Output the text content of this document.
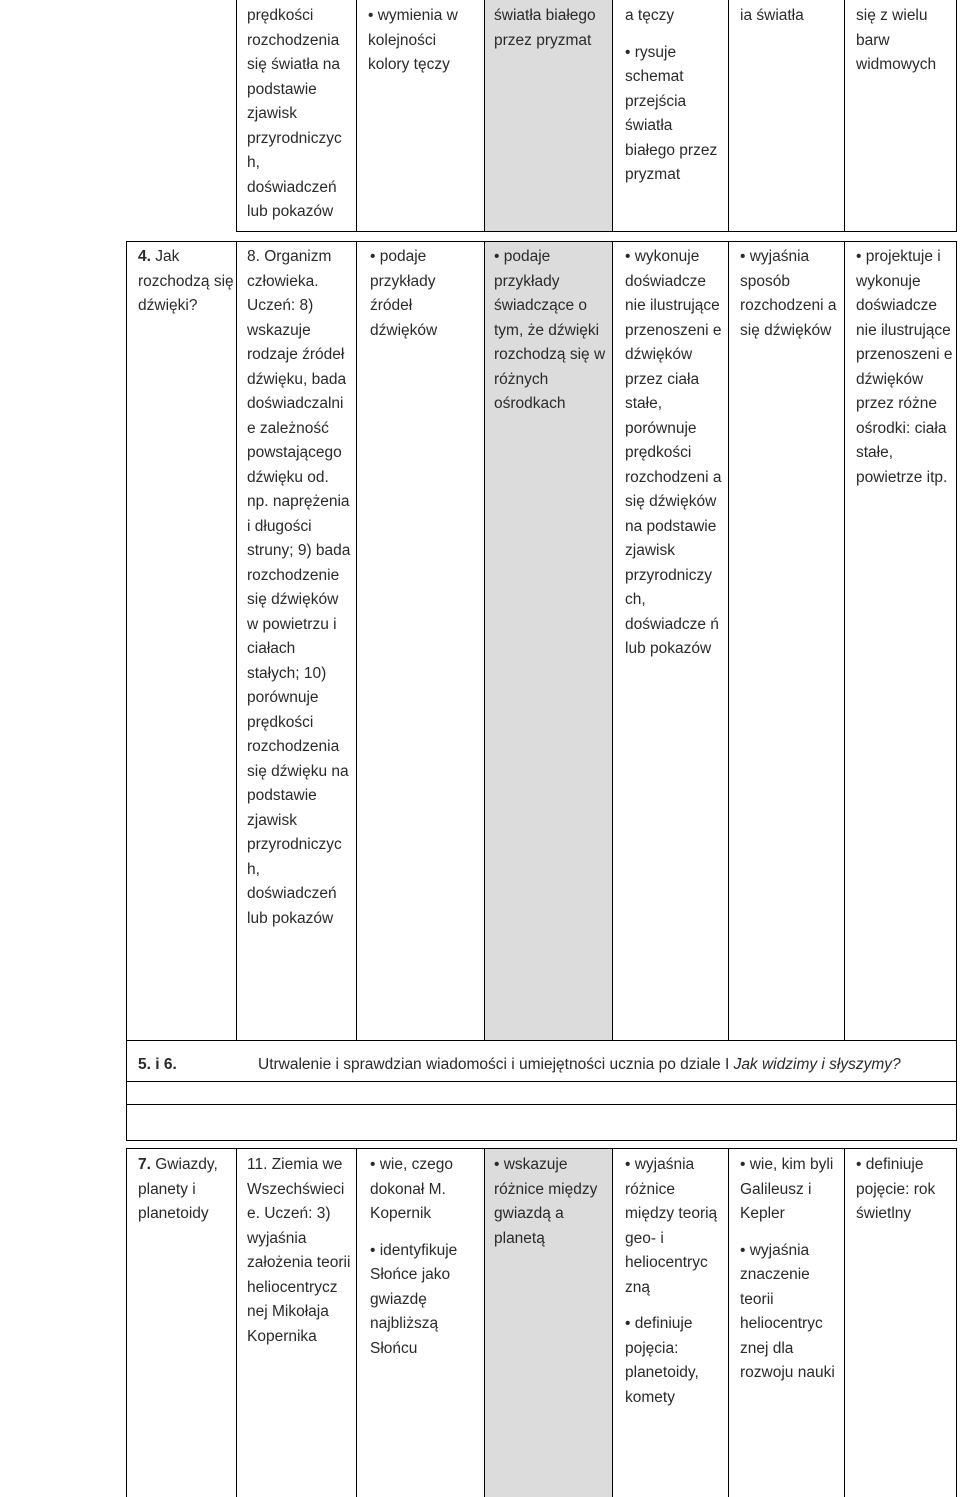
prędkości rozchodzenia się światła na podstawie zjawisk przyrodniczyc h, doświadczeń lub pokazów

• wymienia w kolejności kolory tęczy

światła białego przez pryzmat

a tęczy

• rysuje schemat przejścia światła białego przez pryzmat

ia światła	się z wielu barw widmowych

4. Jak rozchodzą się dźwięki?

8. Organizm człowieka. Uczeń: 8) wskazuje rodzaje źródeł dźwięku, bada doświadczalni e zależność powstającego dźwięku od. np. naprężenia i długości struny; 9) bada rozchodzenie się dźwięków w powietrzu i ciałach stałych; 10) porównuje prędkości rozchodzenia się dźwięku na podstawie zjawisk przyrodniczyc h, doświadczeń lub pokazów

• podaje przykłady źródeł dźwięków

• podaje przykłady świadczące o tym, że dźwięki rozchodzą się w różnych ośrodkach

• wykonuje doświadcze nie ilustrujące przenoszeni e dźwięków przez ciała stałe, porównuje prędkości rozchodzeni a się dźwięków na podstawie zjawisk przyrodniczy ch, doświadcze ń lub pokazów

• wyjaśnia sposób rozchodzeni a się dźwięków

• projektuje i wykonuje doświadcze nie ilustrujące przenoszeni e dźwięków przez różne ośrodki: ciała stałe, powietrze itp.

5. i 6.	Utrwalenie i sprawdzian wiadomości i umiejętności ucznia po dziale I Jak widzimy i słyszymy?

7. Gwiazdy, planety i planetoidy

11. Ziemia we Wszechświeci e. Uczeń: 3) wyjaśnia założenia teorii heliocentrycz nej Mikołaja Kopernika

• wie, czego dokonał M. Kopernik

• identyfikuje Słońce jako gwiazdę najbliższą Słońcu

• wskazuje różnice między gwiazdą a planetą

• wyjaśnia różnice między teorią geo- i heliocentryc zną

• definiuje pojęcia: planetoidy, komety

• wie, kim byli Galileusz i Kepler

• wyjaśnia znaczenie teorii heliocentryc znej dla rozwoju nauki

• definiuje pojęcie: rok świetlny
